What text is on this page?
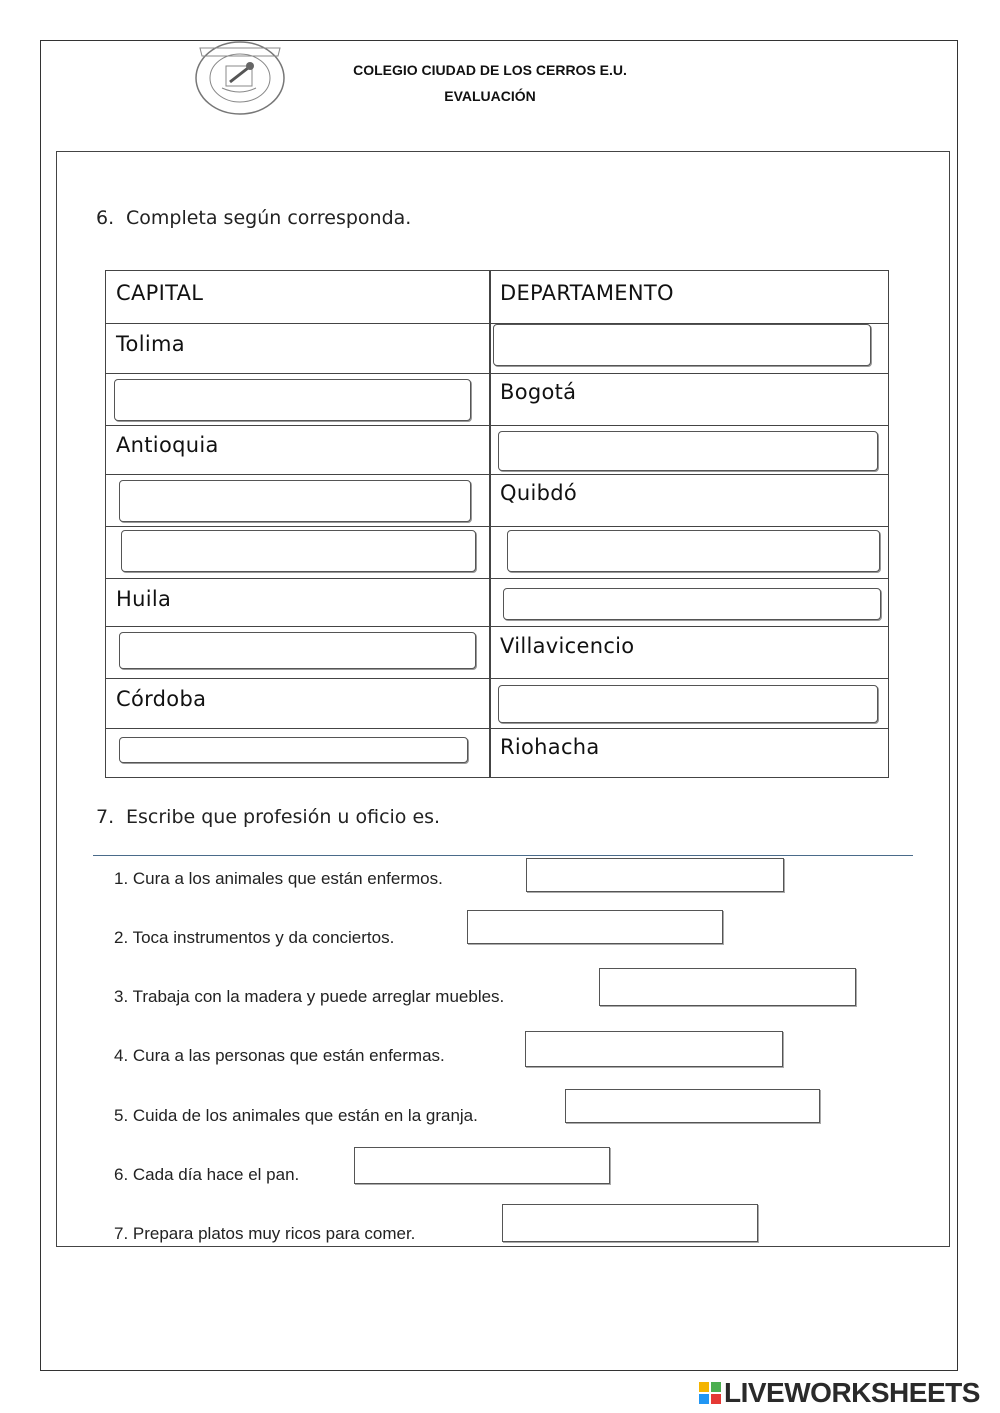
COLEGIO CIUDAD DE LOS CERROS E.U.
EVALUACIÓN
6. Completa según corresponda.
CAPITAL	DEPARTAMENTO
Tolima
Bogotá
Antioquia
Quibdó
Huila
Villavicencio
Córdoba
Riohacha
7. Escribe que profesión u oficio es.
1. Cura a los animales que están enfermos.
2. Toca instrumentos y da conciertos.
3. Trabaja con la madera y puede arreglar muebles.
4. Cura a las personas que están enfermas.
5. Cuida de los animales que están en la granja.
6. Cada día hace el pan.
7. Prepara platos muy ricos para comer.
LIVEWORKSHEETS
